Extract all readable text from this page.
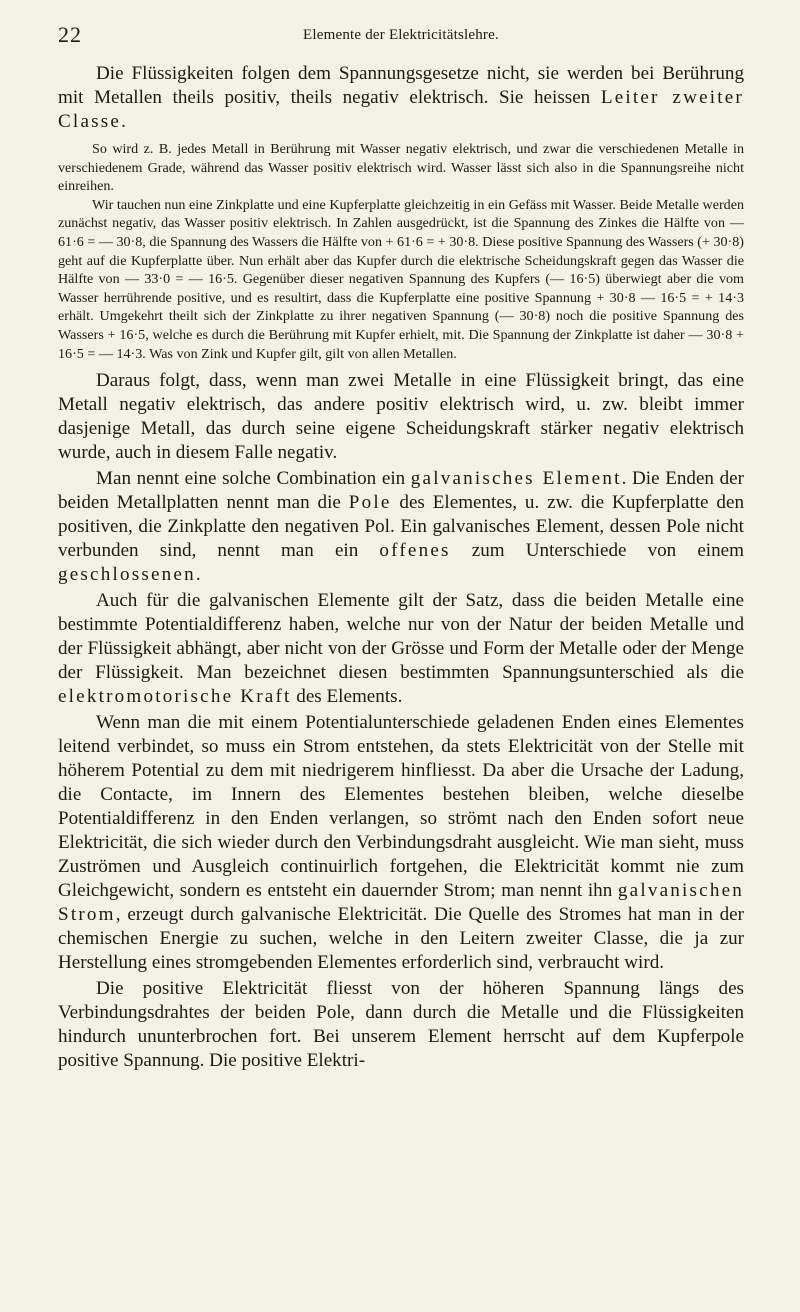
22	Elemente der Elektricitätslehre.

Die Flüssigkeiten folgen dem Spannungsgesetze nicht, sie werden bei Berührung mit Metallen theils positiv, theils negativ elektrisch. Sie heissen Leiter zweiter Classe.

So wird z. B. jedes Metall in Berührung mit Wasser negativ elektrisch, und zwar die verschiedenen Metalle in verschiedenem Grade, während das Wasser positiv elektrisch wird. Wasser lässt sich also in die Spannungsreihe nicht einreihen.

Wir tauchen nun eine Zinkplatte und eine Kupferplatte gleichzeitig in ein Gefäss mit Wasser. Beide Metalle werden zunächst negativ, das Wasser positiv elektrisch. In Zahlen ausgedrückt, ist die Spannung des Zinkes die Hälfte von — 61·6 = — 30·8, die Spannung des Wassers die Hälfte von + 61·6 = + 30·8. Diese positive Spannung des Wassers (+ 30·8) geht auf die Kupferplatte über. Nun erhält aber das Kupfer durch die elektrische Scheidungskraft gegen das Wasser die Hälfte von — 33·0 = — 16·5. Gegenüber dieser negativen Spannung des Kupfers (— 16·5) überwiegt aber die vom Wasser herrührende positive, und es resultirt, dass die Kupferplatte eine positive Spannung + 30·8 — 16·5 = + 14·3 erhält. Umgekehrt theilt sich der Zinkplatte zu ihrer negativen Spannung (— 30·8) noch die positive Spannung des Wassers + 16·5, welche es durch die Berührung mit Kupfer erhielt, mit. Die Spannung der Zinkplatte ist daher — 30·8 + 16·5 = — 14·3. Was von Zink und Kupfer gilt, gilt von allen Metallen.

Daraus folgt, dass, wenn man zwei Metalle in eine Flüssigkeit bringt, das eine Metall negativ elektrisch, das andere positiv elektrisch wird, u. zw. bleibt immer dasjenige Metall, das durch seine eigene Scheidungskraft stärker negativ elektrisch wurde, auch in diesem Falle negativ.

Man nennt eine solche Combination ein galvanisches Element. Die Enden der beiden Metallplatten nennt man die Pole des Elementes, u. zw. die Kupferplatte den positiven, die Zinkplatte den negativen Pol. Ein galvanisches Element, dessen Pole nicht verbunden sind, nennt man ein offenes zum Unterschiede von einem geschlossenen.

Auch für die galvanischen Elemente gilt der Satz, dass die beiden Metalle eine bestimmte Potentialdifferenz haben, welche nur von der Natur der beiden Metalle und der Flüssigkeit abhängt, aber nicht von der Grösse und Form der Metalle oder der Menge der Flüssigkeit. Man bezeichnet diesen bestimmten Spannungsunterschied als die elektromotorische Kraft des Elements.

Wenn man die mit einem Potentialunterschiede geladenen Enden eines Elementes leitend verbindet, so muss ein Strom entstehen, da stets Elektricität von der Stelle mit höherem Potential zu dem mit niedrigerem hinfliesst. Da aber die Ursache der Ladung, die Contacte, im Innern des Elementes bestehen bleiben, welche dieselbe Potentialdifferenz in den Enden verlangen, so strömt nach den Enden sofort neue Elektricität, die sich wieder durch den Verbindungsdraht ausgleicht. Wie man sieht, muss Zuströmen und Ausgleich continuirlich fortgehen, die Elektricität kommt nie zum Gleichgewicht, sondern es entsteht ein dauernder Strom; man nennt ihn galvanischen Strom, erzeugt durch galvanische Elektricität. Die Quelle des Stromes hat man in der chemischen Energie zu suchen, welche in den Leitern zweiter Classe, die ja zur Herstellung eines stromgebenden Elementes erforderlich sind, verbraucht wird.

Die positive Elektricität fliesst von der höheren Spannung längs des Verbindungsdrahtes der beiden Pole, dann durch die Metalle und die Flüssigkeiten hindurch ununterbrochen fort. Bei unserem Element herrscht auf dem Kupferpole positive Spannung. Die positive Elektri-
